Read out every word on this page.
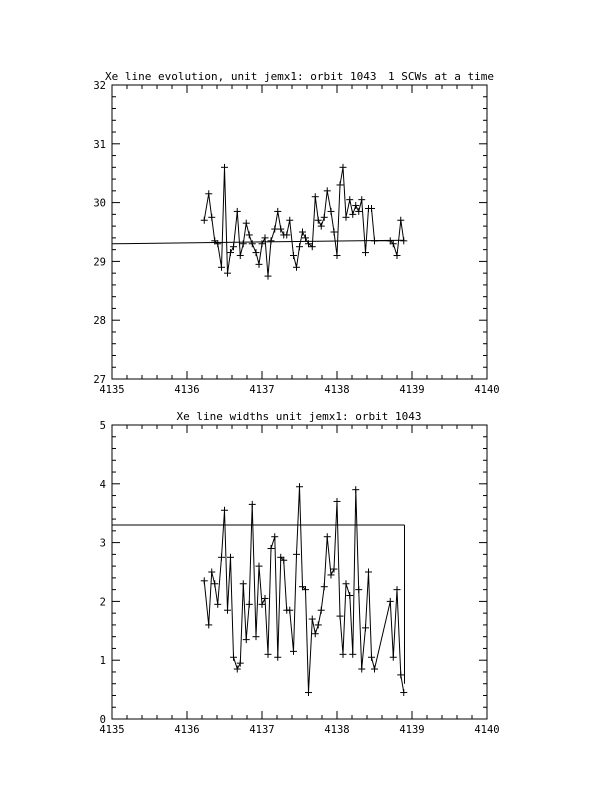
Xe line evolution, unit jemx1: orbit 1043 1 SCWs at a time
4135	4136	4137	4138	4139	4140
27
28
29
30
31
32
Xe line widths unit jemx1: orbit 1043
4135	4136	4137	4138	4139	4140
0
1
2
3
4
5
